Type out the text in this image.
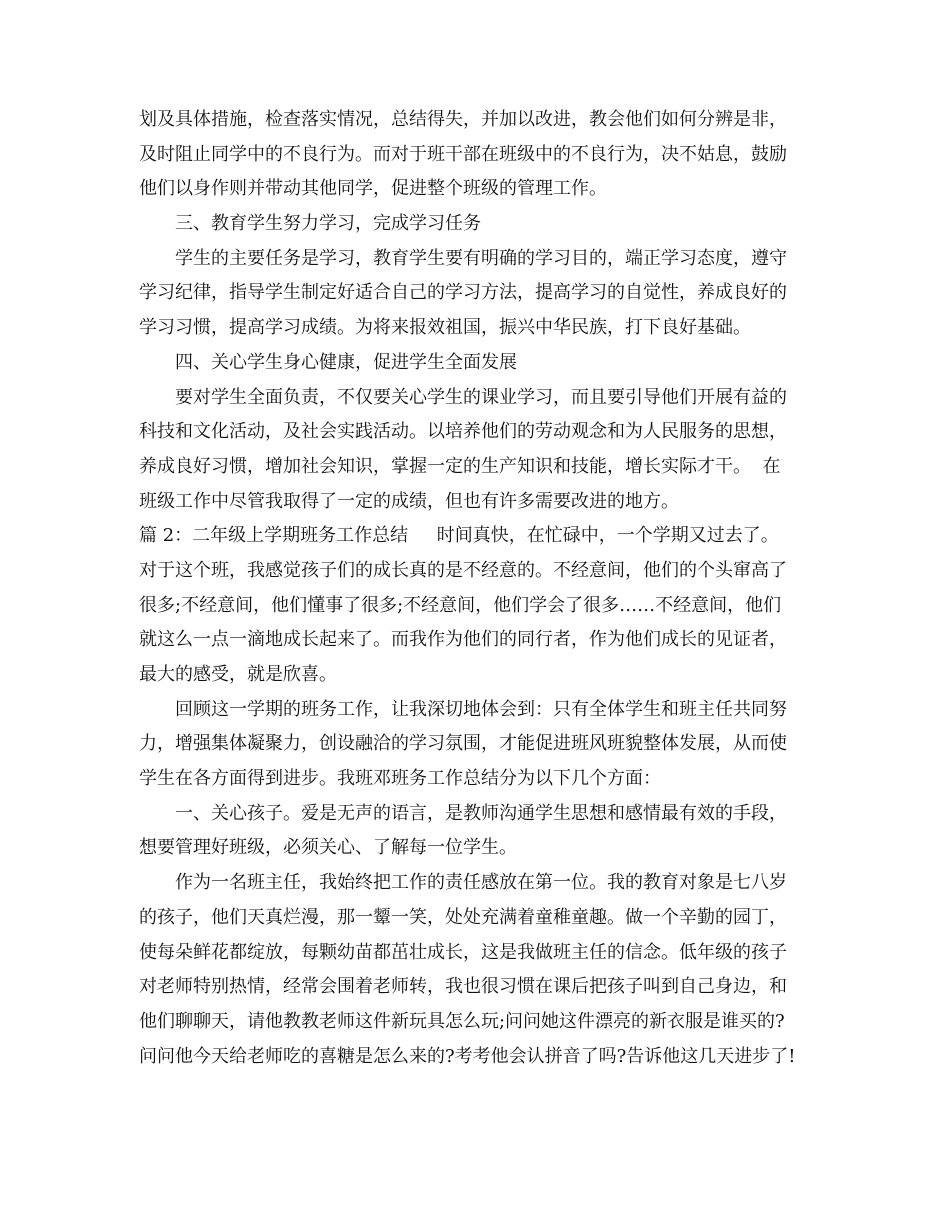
划及具体措施，检查落实情况，总结得失，并加以改进，教会他们如何分辨是非，
及时阻止同学中的不良行为。而对于班干部在班级中的不良行为，决不姑息，鼓励
他们以身作则并带动其他同学，促进整个班级的管理工作。
三、教育学生努力学习，完成学习任务
学生的主要任务是学习，教育学生要有明确的学习目的，端正学习态度，遵守
学习纪律，指导学生制定好适合自己的学习方法，提高学习的自觉性，养成良好的
学习习惯，提高学习成绩。为将来报效祖国，振兴中华民族，打下良好基础。
四、关心学生身心健康，促进学生全面发展
要对学生全面负责，不仅要关心学生的课业学习，而且要引导他们开展有益的
科技和文化活动，及社会实践活动。以培养他们的劳动观念和为人民服务的思想，
养成良好习惯，增加社会知识，掌握一定的生产知识和技能，增长实际才干。  在
班级工作中尽管我取得了一定的成绩，但也有许多需要改进的地方。
篇 2：二年级上学期班务工作总结     时间真快，在忙碌中，一个学期又过去了。
对于这个班，我感觉孩子们的成长真的是不经意的。不经意间，他们的个头窜高了
很多;不经意间，他们懂事了很多;不经意间，他们学会了很多……不经意间，他们
就这么一点一滴地成长起来了。而我作为他们的同行者，作为他们成长的见证者，
最大的感受，就是欣喜。
回顾这一学期的班务工作，让我深切地体会到：只有全体学生和班主任共同努
力，增强集体凝聚力，创设融洽的学习氛围，才能促进班风班貌整体发展，从而使
学生在各方面得到进步。我班邓班务工作总结分为以下几个方面：
一、关心孩子。爱是无声的语言，是教师沟通学生思想和感情最有效的手段，
想要管理好班级，必须关心、了解每一位学生。
作为一名班主任，我始终把工作的责任感放在第一位。我的教育对象是七八岁
的孩子，他们天真烂漫，那一颦一笑，处处充满着童稚童趣。做一个辛勤的园丁，
使每朵鲜花都绽放，每颗幼苗都茁壮成长，这是我做班主任的信念。低年级的孩子
对老师特别热情，经常会围着老师转，我也很习惯在课后把孩子叫到自己身边，和
他们聊聊天，请他教教老师这件新玩具怎么玩;问问她这件漂亮的新衣服是谁买的?
问问他今天给老师吃的喜糖是怎么来的?考考他会认拼音了吗?告诉他这几天进步了!
